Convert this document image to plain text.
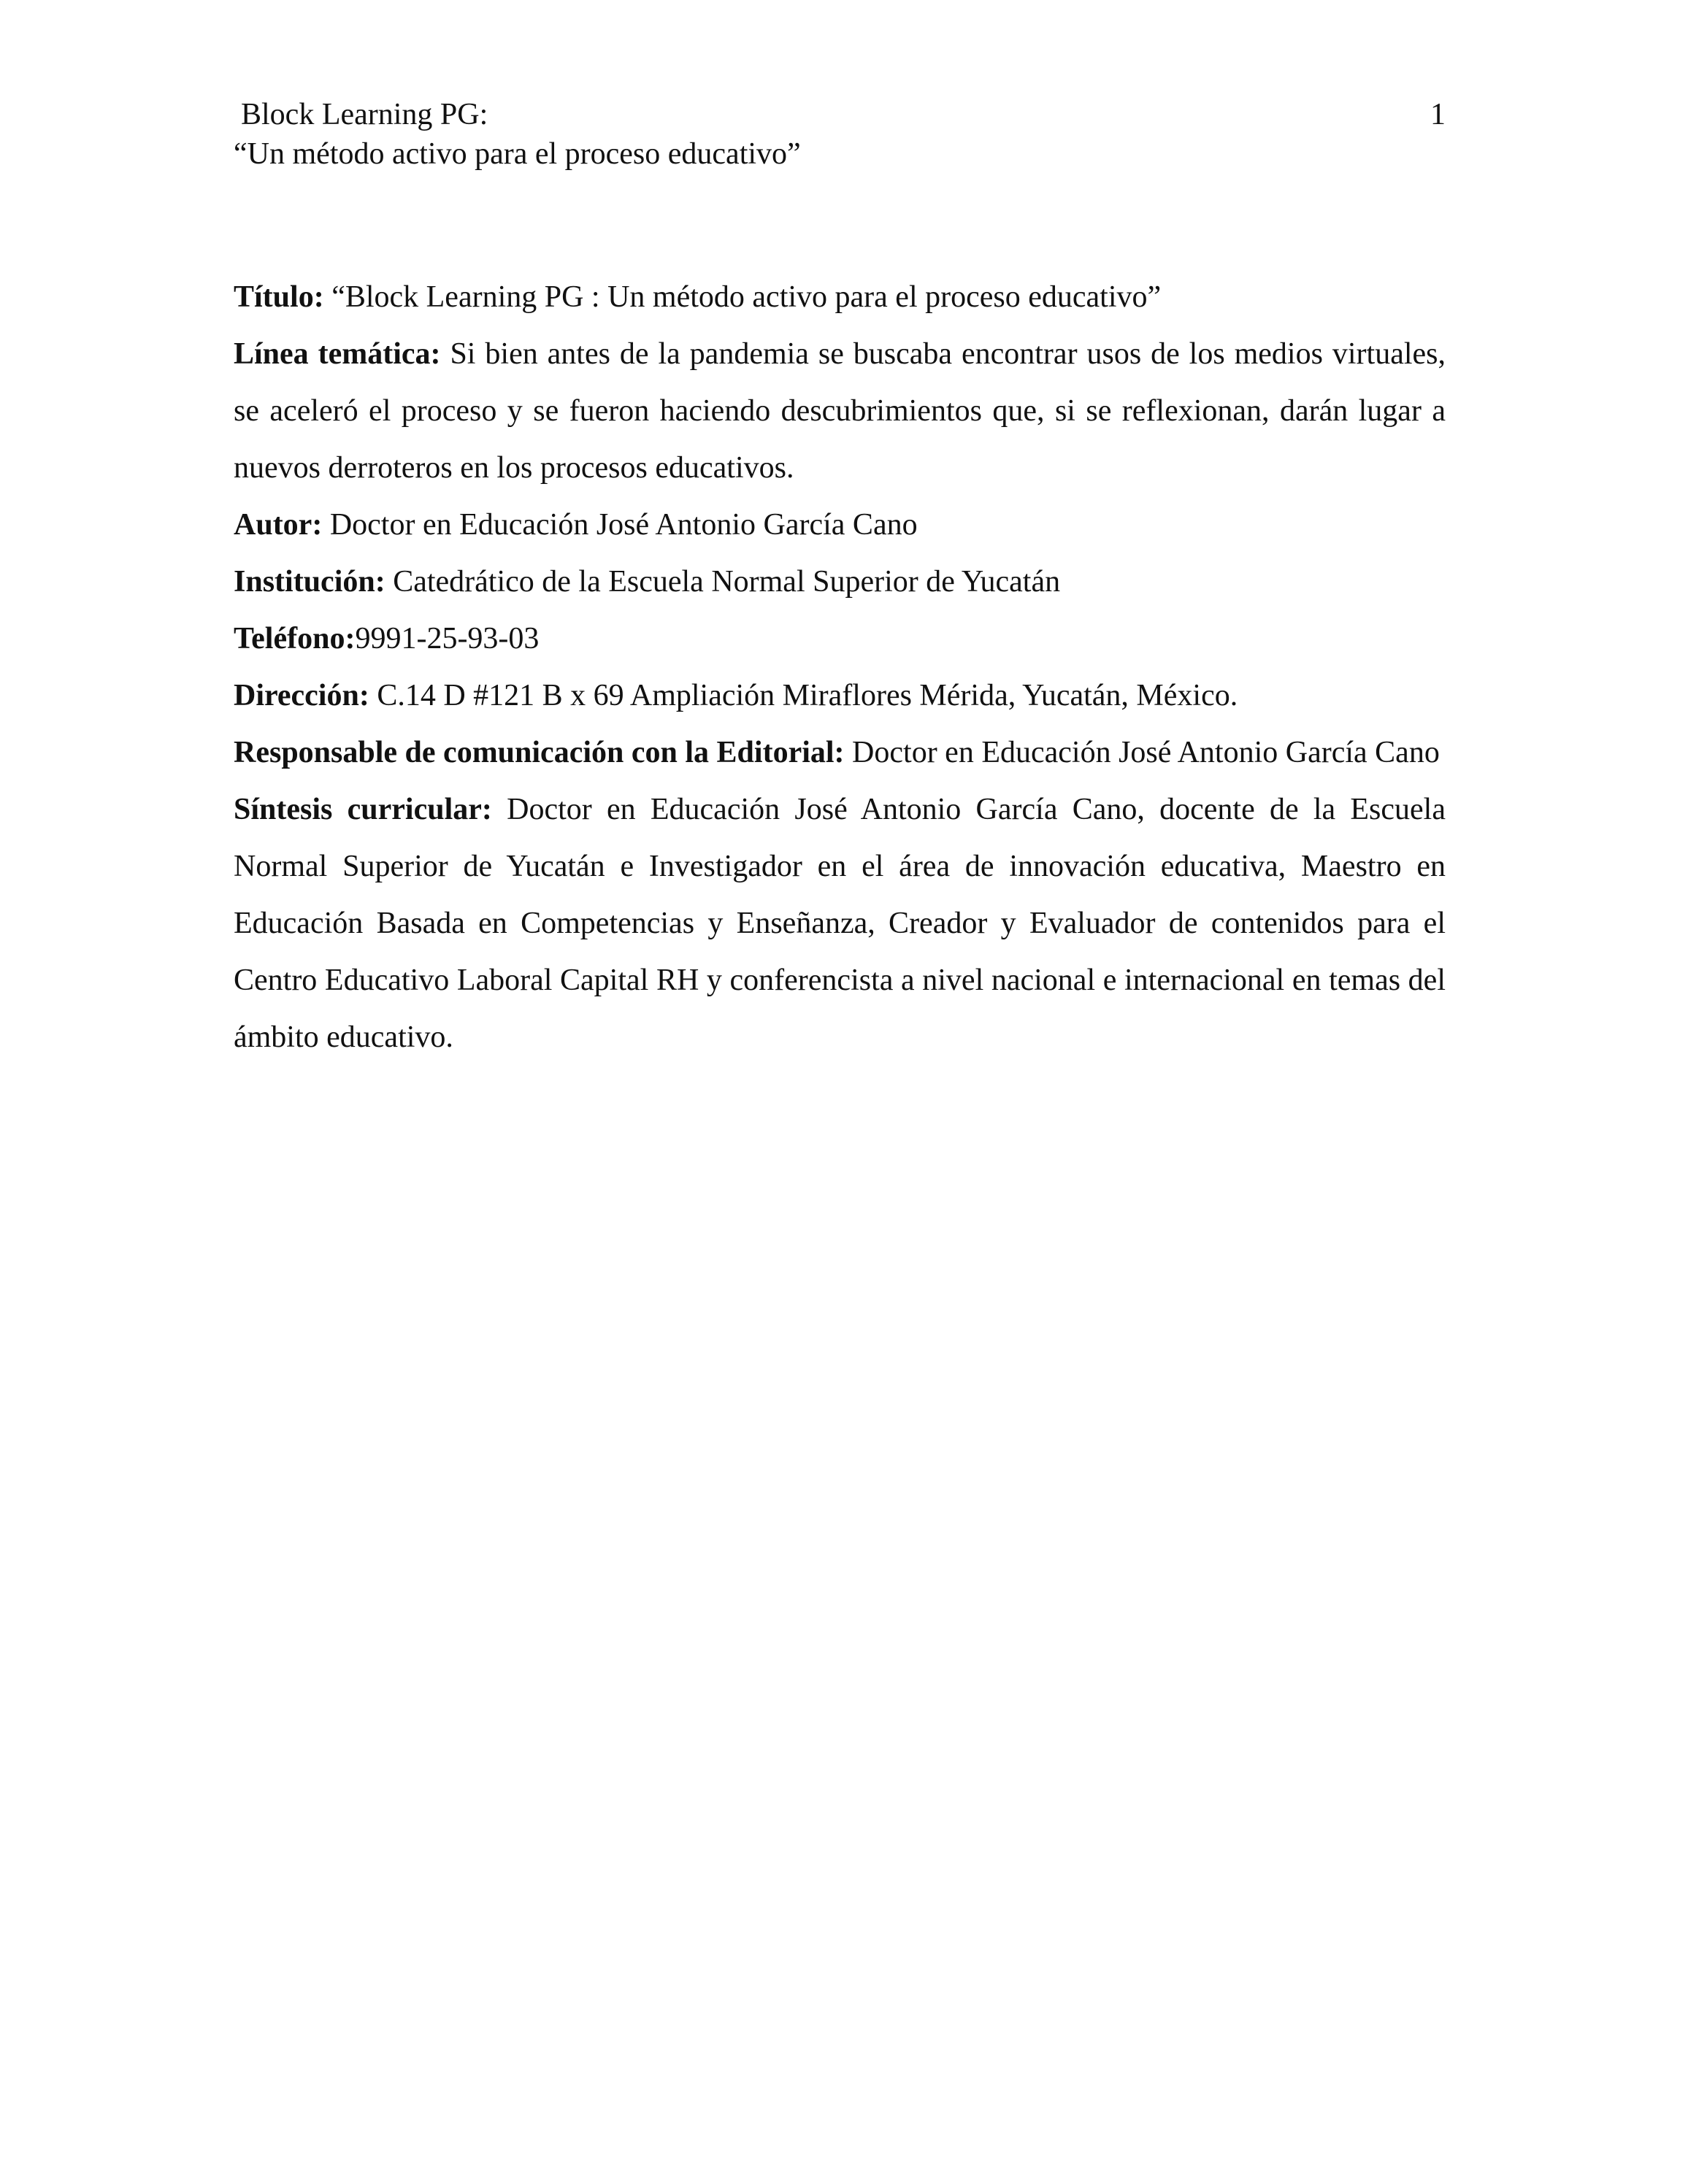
Block Learning PG:	1
“Un método activo para el proceso educativo”

Título: “Block Learning PG : Un método activo para el proceso educativo”

Línea temática: Si bien antes de la pandemia se buscaba encontrar usos de los medios virtuales, se aceleró el proceso y se fueron haciendo descubrimientos que, si se reflexionan, darán lugar a nuevos derroteros en los procesos educativos.

Autor: Doctor en Educación José Antonio García Cano

Institución: Catedrático de la Escuela Normal Superior de Yucatán

Teléfono:9991-25-93-03

Dirección: C.14 D #121 B x 69 Ampliación Miraflores Mérida, Yucatán, México.

Responsable de comunicación con la Editorial: Doctor en Educación José Antonio García Cano

Síntesis curricular: Doctor en Educación José Antonio García Cano, docente de la Escuela Normal Superior de Yucatán e Investigador en el área de innovación educativa, Maestro en Educación Basada en Competencias y Enseñanza, Creador y Evaluador de contenidos para el Centro Educativo Laboral Capital RH y conferencista a nivel nacional e internacional en temas del ámbito educativo.
